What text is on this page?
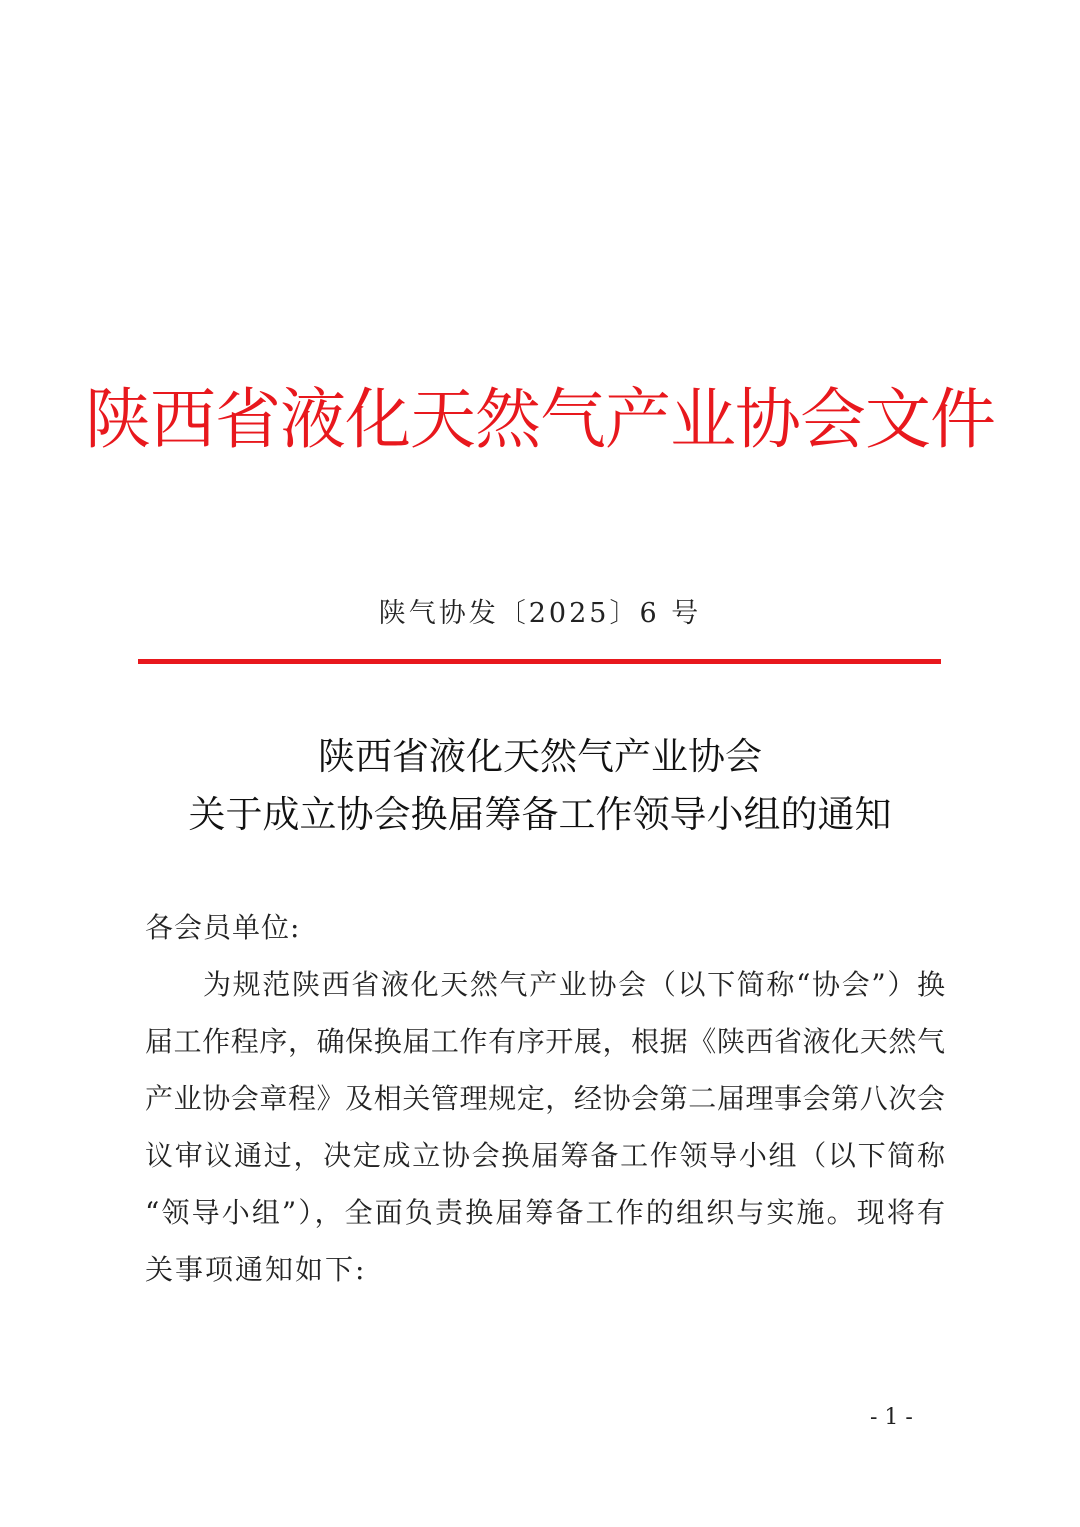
陕西省液化天然气产业协会文件
陕气协发〔2025〕6 号
陕西省液化天然气产业协会
关于成立协会换届筹备工作领导小组的通知
各会员单位:
为规范陕西省液化天然气产业协会（以下简称“协会”）换
届工作程序，确保换届工作有序开展，根据《陕西省液化天然气
产业协会章程》及相关管理规定，经协会第二届理事会第八次会
议审议通过，决定成立协会换届筹备工作领导小组（以下简称
“领导小组”），全面负责换届筹备工作的组织与实施。现将有
关事项通知如下:
- 1 -
